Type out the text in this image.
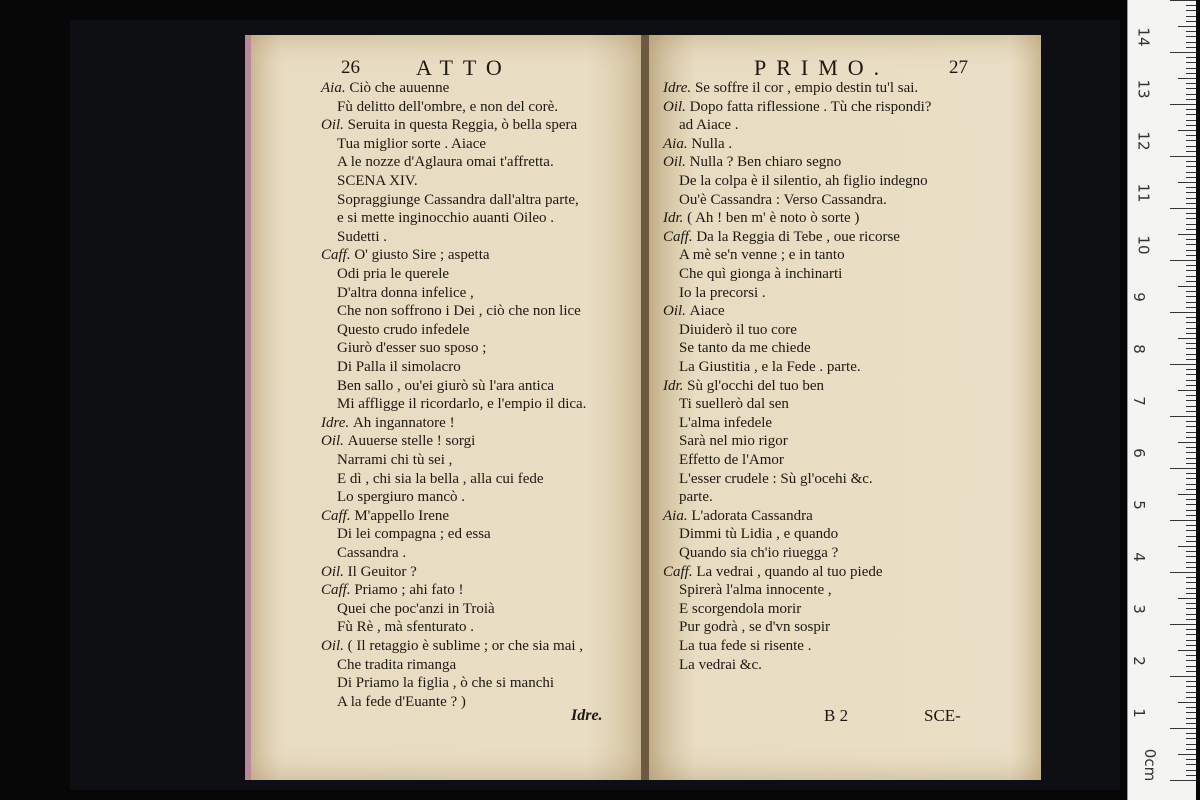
26	ATTO
Aia. Ciò che auuenne
Fù delitto dell'ombre, e non del corè.
Oil. Seruita in questa Reggia, ò bella spera
Tua miglior sorte . Aiace
A le nozze d'Aglaura omai t'affretta.
SCENA XIV.
Sopraggiunge Cassandra dall'altra parte,
e si mette inginocchio auanti Oileo .
Sudetti .
Caff. O' giusto Sire ; aspetta
Odi pria le querele
D'altra donna infelice ,
Che non soffrono i Dei , ciò che non lice
Questo crudo infedele
Giurò d'esser suo sposo ;
Di Palla il simolacro
Ben sallo , ou'ei giurò sù l'ara antica
Mi affligge il ricordarlo, e l'empio il dica.
Idre. Ah ingannatore !
Oil. Auuerse stelle ! sorgi
Narrami chi tù sei ,
E dì , chi sia la bella , alla cui fede
Lo spergiuro mancò .
Caff. M'appello Irene
Di lei compagna ; ed essa
Cassandra .
Oil. Il Geuitor ?
Caff. Priamo ; ahi fato !
Quei che poc'anzi in Troià
Fù Rè , mà sfenturato .
Oil. ( Il retaggio è sublime ; or che sia mai ,
Che tradita rimanga
Di Priamo la figlia , ò che si manchi
A la fede d'Euante ? )
Idre.
PRIMO.	27
Idre. Se soffre il cor , empio destin tu'l sai.
Oil. Dopo fatta riflessione . Tù che rispondi?
ad Aiace .
Aia. Nulla .
Oil. Nulla ? Ben chiaro segno
De la colpa è il silentio, ah figlio indegno
Ou'è Cassandra : Verso Cassandra.
Idr. ( Ah ! ben m' è noto ò sorte )
Caff. Da la Reggia di Tebe , oue ricorse
A mè se'n venne ; e in tanto
Che quì gionga à inchinarti
Io la precorsi .
Oil. Aiace
Diuiderò il tuo core
Se tanto da me chiede
La Giustitia , e la Fede . parte.
Idr. Sù gl'occhi del tuo ben
Ti suellerò dal sen
L'alma infedele
Sarà nel mio rigor
Effetto de l'Amor
L'esser crudele : Sù gl'ocehi &c.
parte.
Aia. L'adorata Cassandra
Dimmi tù Lidia , e quando
Quando sia ch'io riuegga ?
Caff. La vedrai , quando al tuo piede
Spirerà l'alma innocente ,
E scorgendola morir
Pur godrà , se d'vn sospir
La tua fede si risente .
La vedrai &c.
B 2	SCE-
0cm
1
2
3
4
5
6
7
8
9
10
11
12
13
14
